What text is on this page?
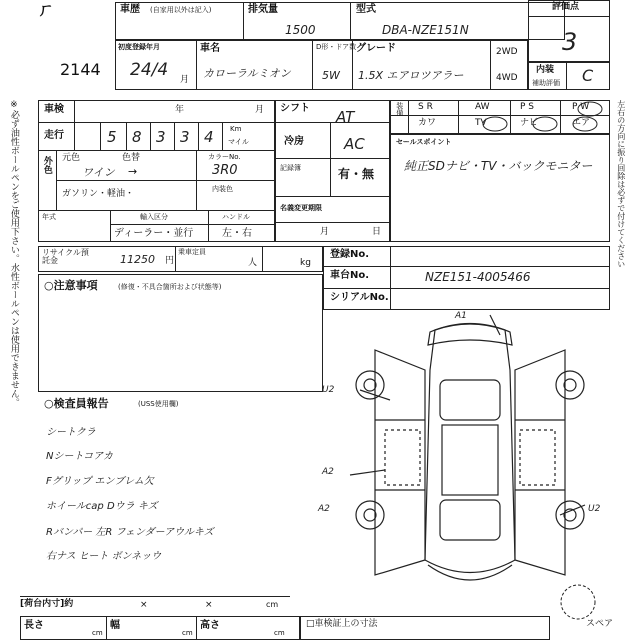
ㄏ
2144
車歴 (自家用以外は記入)	排気量
1500
型式
DBA-NZE151N
評価点
3
初度登録年月
24/4 月
車名
カローラルミオン
D形・ドア数
5W
グレード
1.5X エアロツアラー
2WD
4WD
内装
補助評価 C
車検	年	月
走行	5 8 3 3 4 Km
マイル
外色 元色	色替
ワイン →
カラーNo.
3R0
ガソリン・軽油・	内装色
年式	輸入区分
ディーラー・並行
ハンドル
左・右
リサイクル預託金	11250 円
乗車定員
人	kg
○注意事項	(修復・不具合箇所および状態等)
○検査員報告	(USS使用欄)
シートクラ
Nシートコアカ
Fグリップ エンブレム欠
ホイールcap Dウラ キズ
Rバンパー 左R フェンダーアウルキズ
右ナス ヒート ボンネッウ
シフト AT
冷房	AC
記録簿	有・無
名義変更期限
月	日
装備 S R	AW	P S	P W
カワ	TV	ナビ	エア
セールスポイント
純正SDナビ・TV・バックモニター
登録No.
車台No.	NZE151-4005466
シリアルNo.
A1
U2
A2
A2	U2
スペア
[荷台内寸]約	×	×	cm
長さ	幅	高さ
cm	cm	cm
□車検証上の寸法
※必ず油性ボールペンをご使用下さい。水性ボールペンは使用できません。	左右の方向に振り回除は必ずで付けてください
